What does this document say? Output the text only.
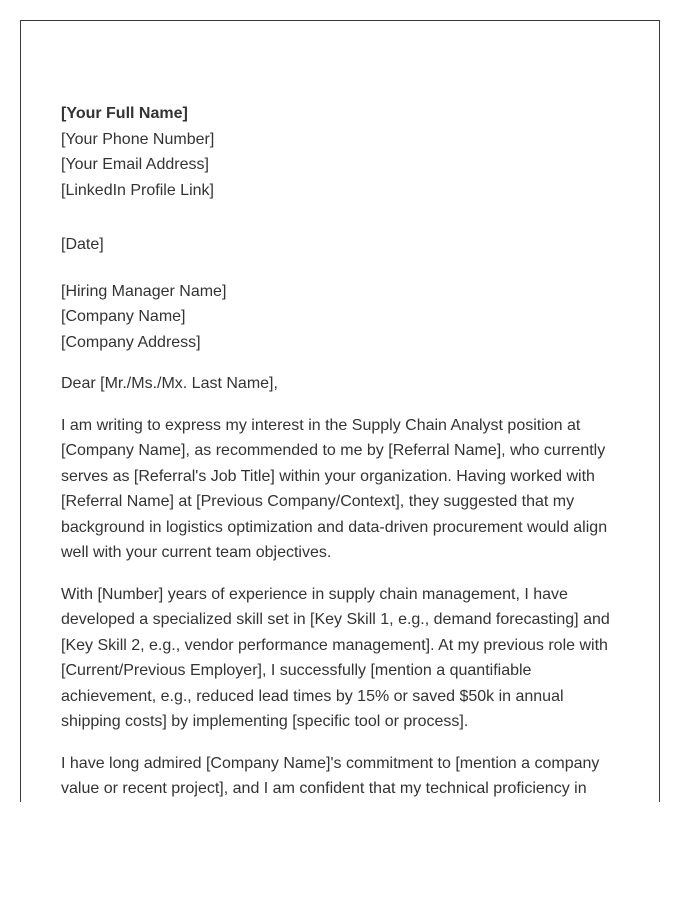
[Your Full Name]
[Your Phone Number]
[Your Email Address]
[LinkedIn Profile Link]
[Date]
[Hiring Manager Name]
[Company Name]
[Company Address]
Dear [Mr./Ms./Mx. Last Name],
I am writing to express my interest in the Supply Chain Analyst position at
[Company Name], as recommended to me by [Referral Name], who currently
serves as [Referral's Job Title] within your organization. Having worked with
[Referral Name] at [Previous Company/Context], they suggested that my
background in logistics optimization and data-driven procurement would align
well with your current team objectives.
With [Number] years of experience in supply chain management, I have
developed a specialized skill set in [Key Skill 1, e.g., demand forecasting] and
[Key Skill 2, e.g., vendor performance management]. At my previous role with
[Current/Previous Employer], I successfully [mention a quantifiable
achievement, e.g., reduced lead times by 15% or saved $50k in annual
shipping costs] by implementing [specific tool or process].
I have long admired [Company Name]'s commitment to [mention a company
value or recent project], and I am confident that my technical proficiency in
